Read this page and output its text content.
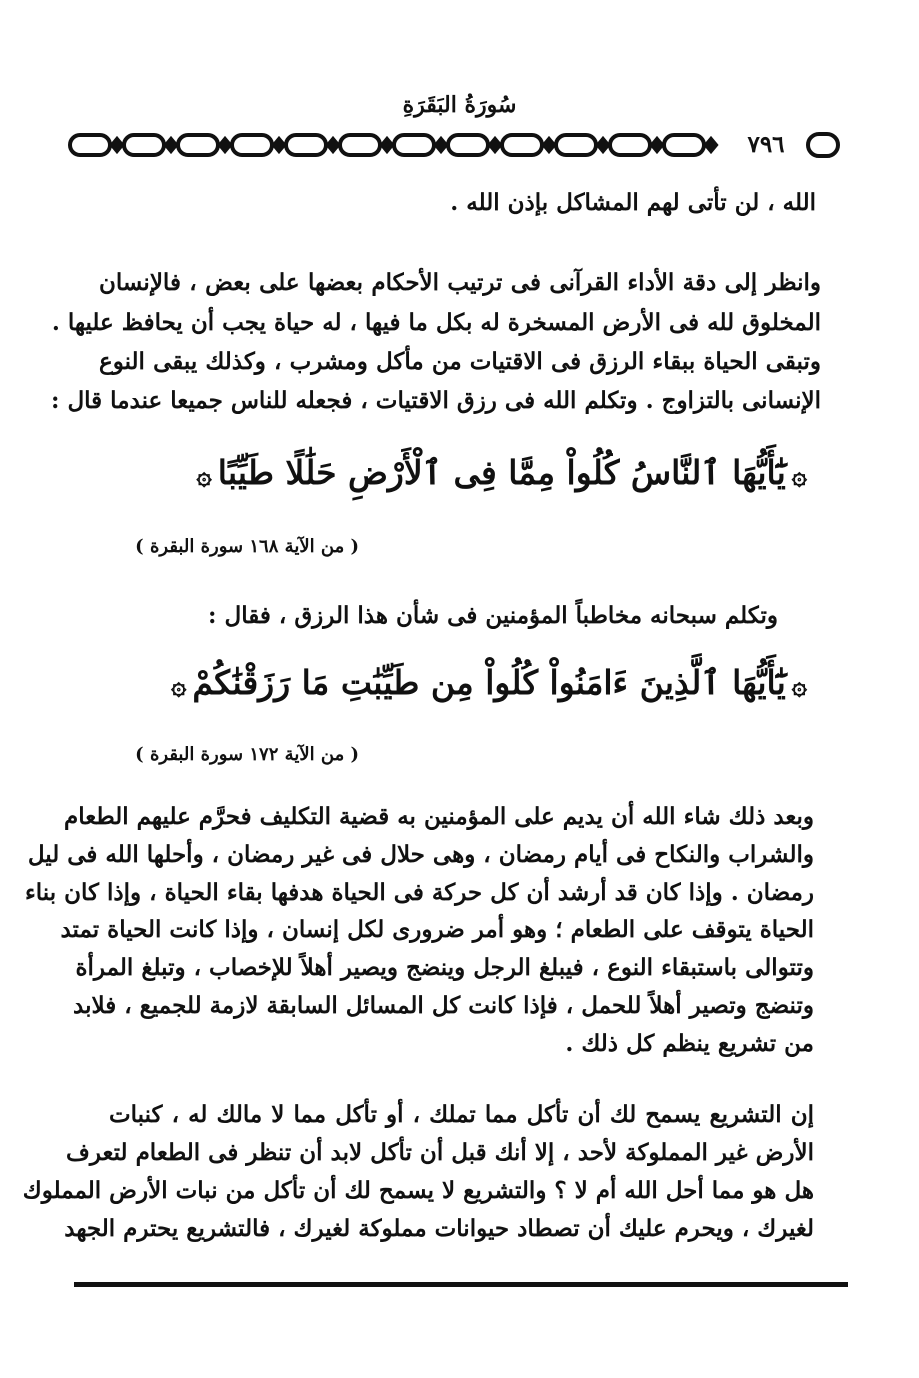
سُورَةُ البَقَرَةِ
٧٩٦
الله ، لن تأتى لهم المشاكل بإذن الله .
وانظر إلى دقة الأداء القرآنى فى ترتيب الأحكام بعضها على بعض ، فالإنسان
المخلوق لله فى الأرض المسخرة له بكل ما فيها ، له حياة يجب أن يحافظ عليها .
وتبقى الحياة ببقاء الرزق فى الاقتيات من مأكل ومشرب ، وكذلك يبقى النوع
الإنسانى بالتزاوج . وتكلم الله فى رزق الاقتيات ، فجعله للناس جميعا عندما قال :
۞يَٰٓأَيُّهَا ٱلنَّاسُ كُلُواْ مِمَّا فِى ٱلْأَرْضِ حَلَٰلًا طَيِّبًا۞
( من الآية ١٦٨ سورة البقرة )
وتكلم سبحانه مخاطباً المؤمنين فى شأن هذا الرزق ، فقال :
۞يَٰٓأَيُّهَا ٱلَّذِينَ ءَامَنُواْ كُلُواْ مِن طَيِّبَٰتِ مَا رَزَقْنَٰكُمْ۞
( من الآية ١٧٢ سورة البقرة )
وبعد ذلك شاء الله أن يديم على المؤمنين به قضية التكليف فحرَّم عليهم الطعام
والشراب والنكاح فى أيام رمضان ، وهى حلال فى غير رمضان ، وأحلها الله فى ليل
رمضان . وإذا كان قد أرشد أن كل حركة فى الحياة هدفها بقاء الحياة ، وإذا كان بناء
الحياة يتوقف على الطعام ؛ وهو أمر ضرورى لكل إنسان ، وإذا كانت الحياة تمتد
وتتوالى باستبقاء النوع ، فيبلغ الرجل وينضج ويصير أهلاً للإخصاب ، وتبلغ المرأة
وتنضج وتصير أهلاً للحمل ، فإذا كانت كل المسائل السابقة لازمة للجميع ، فلابد
من تشريع ينظم كل ذلك .
إن التشريع يسمح لك أن تأكل مما تملك ، أو تأكل مما لا مالك له ، كنبات
الأرض غير المملوكة لأحد ، إلا أنك قبل أن تأكل لابد أن تنظر فى الطعام لتعرف
هل هو مما أحل الله أم لا ؟ والتشريع لا يسمح لك أن تأكل من نبات الأرض المملوك
لغيرك ، ويحرم عليك أن تصطاد حيوانات مملوكة لغيرك ، فالتشريع يحترم الجهد
